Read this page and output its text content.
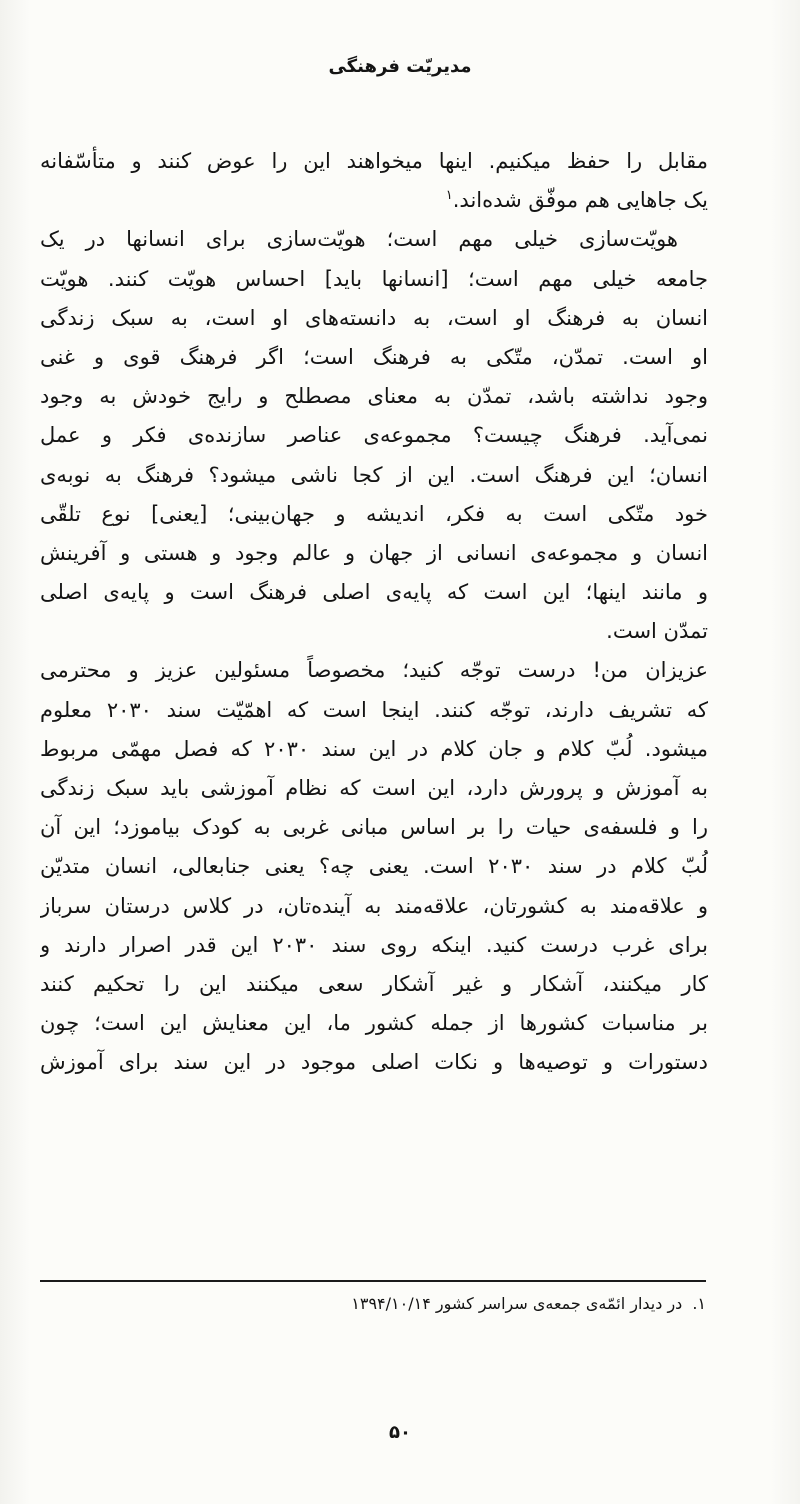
مدیریّت فرهنگی
مقابل را حفظ میکنیم. اینها میخواهند این را عوض کنند و متأسّفانه
یک جاهایی هم موفّق شده‌اند.$^۱$
هویّت‌سازی خیلی مهم است؛ هویّت‌سازی برای انسانها در یک
جامعه خیلی مهم است؛ [انسانها باید] احساس هویّت کنند. هویّت
انسان به فرهنگ او است، به دانسته‌های او است، به سبک زندگی
او است. تمدّن، متّکی به فرهنگ است؛ اگر فرهنگ قوی و غنی
وجود نداشته باشد، تمدّن به معنای مصطلح و رایج خودش به وجود
نمی‌آید. فرهنگ چیست؟ مجموعه‌ی عناصر سازنده‌ی فکر و عمل
انسان؛ این فرهنگ است. این از کجا ناشی میشود؟ فرهنگ به نوبه‌ی
خود متّکی است به فکر، اندیشه و جهان‌بینی؛ [یعنی] نوع تلقّی
انسان و مجموعه‌ی انسانی از جهان و عالم وجود و هستی و آفرینش
و مانند اینها؛ این است که پایه‌ی اصلی فرهنگ است و پایه‌ی اصلی
تمدّن است.
عزیزان من! درست توجّه کنید؛ مخصوصاً مسئولین عزیز و محترمی
که تشریف دارند، توجّه کنند. اینجا است که اهمّیّت سند ۲۰۳۰ معلوم
میشود. لُبّ کلام و جان کلام در این سند ۲۰۳۰ که فصل مهمّی مربوط
به آموزش و پرورش دارد، این است که نظام آموزشی باید سبک زندگی
را و فلسفه‌ی حیات را بر اساس مبانی غربی به کودک بیاموزد؛ این آن
لُبّ کلام در سند ۲۰۳۰ است. یعنی چه؟ یعنی جنابعالی، انسان متدیّن
و علاقه‌مند به کشورتان، علاقه‌مند به آینده‌تان، در کلاس درستان سرباز
برای غرب درست کنید. اینکه روی سند ۲۰۳۰ این قدر اصرار دارند و
کار میکنند، آشکار و غیر آشکار سعی میکنند این را تحکیم کنند
بر مناسبات کشورها از جمله کشور ما، این معنایش این است؛ چون
دستورات و توصیه‌ها و نکات اصلی موجود در این سند برای آموزش
۱.در دیدار ائمّه‌ی جمعه‌ی سراسر کشور ۱۳۹۴/۱۰/۱۴
۵۰
